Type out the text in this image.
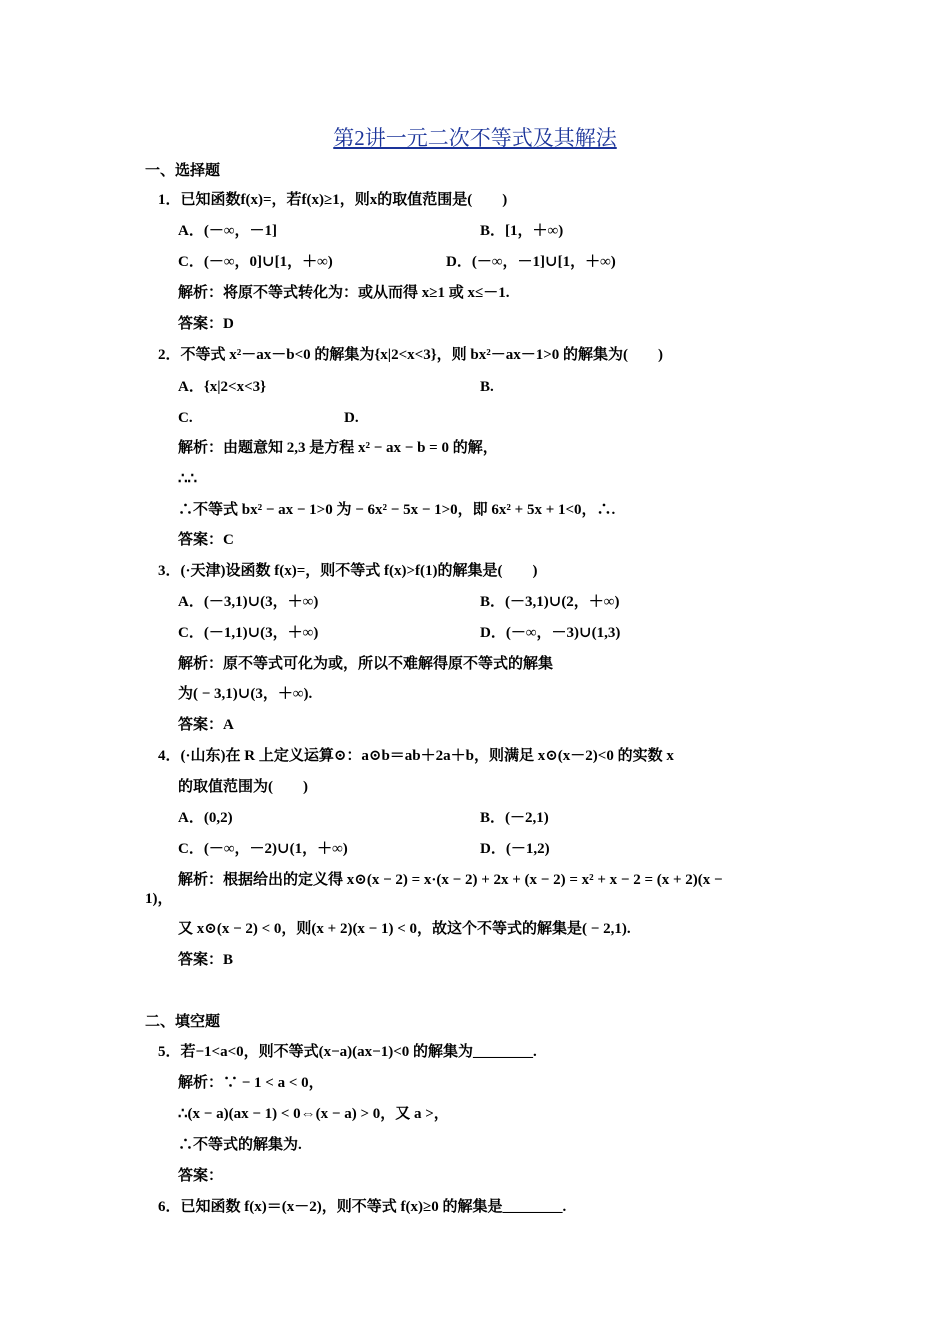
第2讲一元二次不等式及其解法
一、选择题
1．已知函数f(x)=，若f(x)≥1，则x的取值范围是(　　)
A．(－∞，－1]	B．[1，＋∞)
C．(－∞，0]∪[1，＋∞)	D．(－∞，－1]∪[1，＋∞)
解析：将原不等式转化为：或从而得 x≥1 或 x≤－1.
答案：D
2．不等式 x²－ax－b<0 的解集为{x|2<x<3}，则 bx²－ax－1>0 的解集为(　　)
A．{x|2<x<3}	B.
C.	D.
解析：由题意知 2,3 是方程 x² − ax − b = 0 的解，
∴∴
∴不等式 bx² − ax − 1>0 为 − 6x² − 5x − 1>0，即 6x² + 5x + 1<0，∴.
答案：C
3．(·天津)设函数 f(x)=，则不等式 f(x)>f(1)的解集是(　　)
A．(－3,1)∪(3，＋∞)	B．(－3,1)∪(2，＋∞)
C．(－1,1)∪(3，＋∞)	D．(－∞，－3)∪(1,3)
解析：原不等式可化为或，所以不难解得原不等式的解集
为( − 3,1)∪(3，＋∞).
答案：A
4．(·山东)在 R 上定义运算⊙：a⊙b＝ab＋2a＋b，则满足 x⊙(x－2)<0 的实数 x
的取值范围为(　　)
A．(0,2)	B．(－2,1)
C．(－∞，－2)∪(1，＋∞)	D．(－1,2)
解析：根据给出的定义得 x⊙(x − 2) = x·(x − 2) + 2x + (x − 2) = x² + x − 2 = (x + 2)(x −
1)，
又 x⊙(x − 2) < 0，则(x + 2)(x − 1) < 0，故这个不等式的解集是( − 2,1).
答案：B
二、填空题
5．若−1<a<0，则不等式(x−a)(ax−1)<0 的解集为________.
解析：∵ − 1 < a < 0，
∴(x − a)(ax − 1) < 0⇔(x − a) > 0，又 a >，
∴不等式的解集为.
答案：
6．已知函数 f(x)＝(x－2)，则不等式 f(x)≥0 的解集是________.
